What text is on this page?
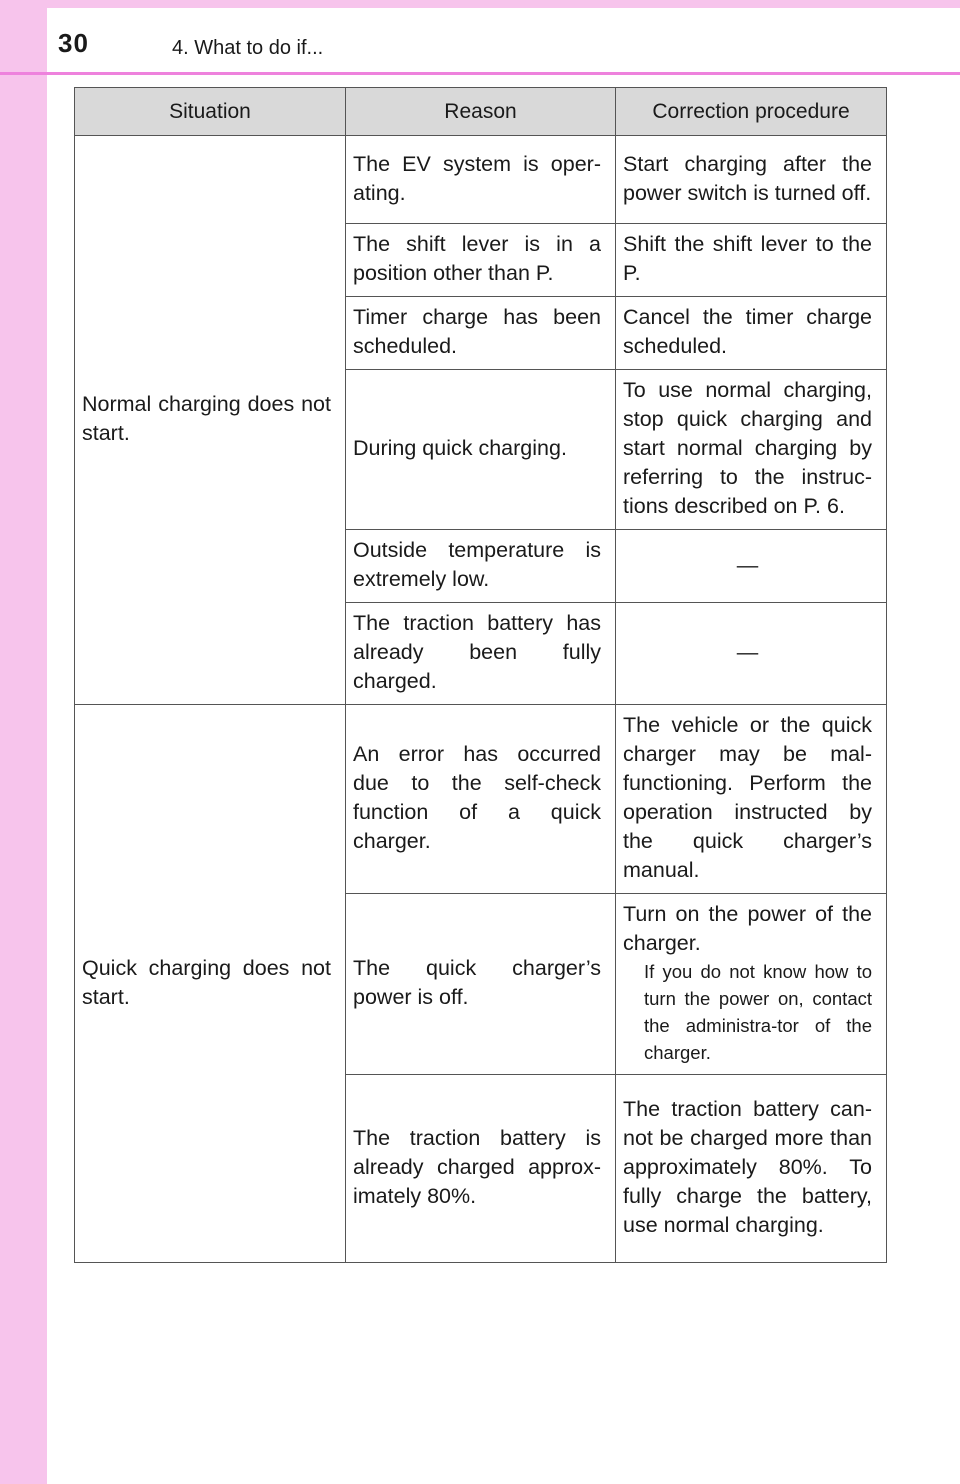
30	4. What to do if...
Situation	Reason	Correction procedure
Normal charging does not start.	The EV system is oper-ating.	Start charging after the power switch is turned off.
	The shift lever is in a position other than P.	Shift the shift lever to the P.
	Timer charge has been scheduled.	Cancel the timer charge scheduled.
	During quick charging.	To use normal charging, stop quick charging and start normal charging by referring to the instruc-tions described on P. 6.
	Outside temperature is extremely low.	—
	The traction battery has already been fully charged.	—
Quick charging does not start.	An error has occurred due to the self-check function of a quick charger.	The vehicle or the quick charger may be mal-functioning. Perform the operation instructed by the quick charger’s manual.
	The quick charger’s power is off.	Turn on the power of the charger.
If you do not know how to turn the power on, contact the administra-tor of the charger.

	The traction battery is already charged approx-imately 80%.	The traction battery can-not be charged more than approximately 80%. To fully charge the battery, use normal charging.
